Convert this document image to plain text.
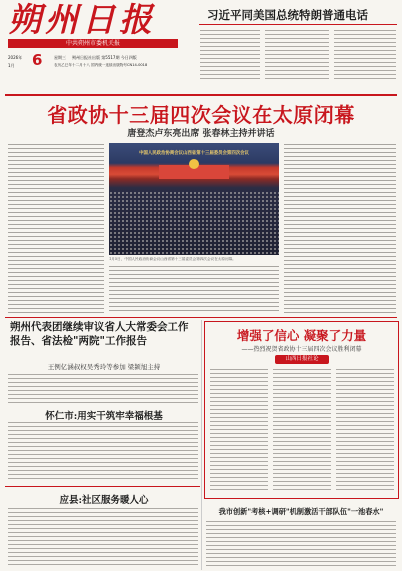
朔州日报
中共朔州市委机关报
2026年
1月 6	星期三 朔州日报社出版 第5517期 今日四版
农历乙巳年十二月十八 国内统一连续出版物号CN14-0018
习近平同美国总统特朗普通电话
省政协十三届四次会议在太原闭幕
唐登杰卢东亮出席 张春林主持并讲话
中国人民政治协商会议山西省第十三届委员会第四次会议
1月5日，中国人民政治协商会议山西省第十三届委员会第四次会议在太原闭幕。
朔州代表团继续审议省人大常委会工作报告、省法检"两院"工作报告
王例亿涵叔权吴秀玲等参加 梁颍旭主持
怀仁市:用实干筑牢幸福根基
应县:社区服务暖人心
增强了信心 凝聚了力量
——热烈祝贺省政协十三届四次会议胜利闭幕
山西日报社论
我市创新"考核+调研"机制激活干部队伍"一池春水"
